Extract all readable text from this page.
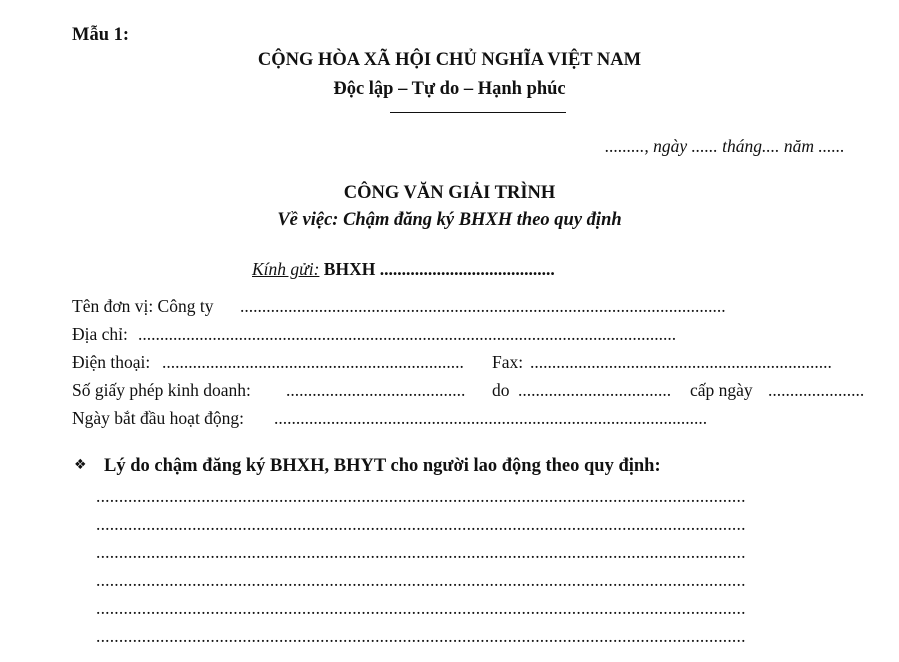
Mẫu 1:
CỘNG HÒA XÃ HỘI CHỦ NGHĨA VIỆT NAM
Độc lập – Tự do – Hạnh phúc
........., ngày ...... tháng.... năm ......
CÔNG VĂN GIẢI TRÌNH
Về việc: Chậm đăng ký BHXH theo quy định
Kính gửi: BHXH ........................................
Tên đơn vị: Công ty ...............................................................................................................
Địa chỉ: ...........................................................................................................................
Điện thoại: .....................................................................	Fax: .....................................................................
Số giấy phép kinh doanh: .........................................	do ...................................	cấp ngày ......................
Ngày bắt đầu hoạt động: ...................................................................................................
❖ Lý do chậm đăng ký BHXH, BHYT cho người lao động theo quy định:
..............................................................................................................................................
..............................................................................................................................................
..............................................................................................................................................
..............................................................................................................................................
..............................................................................................................................................
..............................................................................................................................................
